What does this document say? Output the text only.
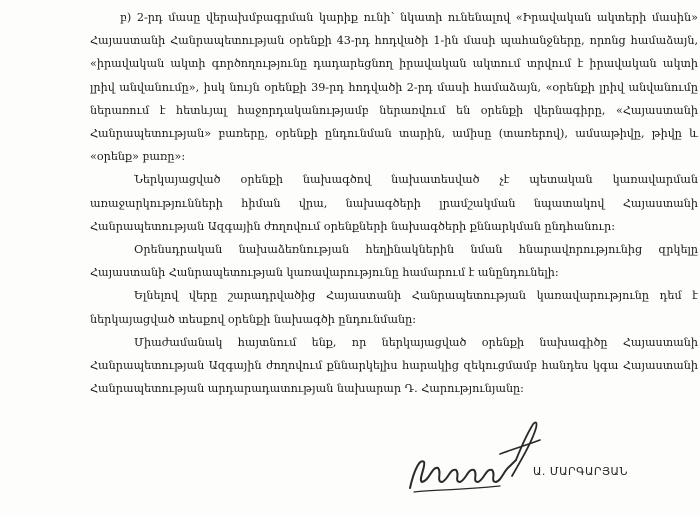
բ) 2-րդ մասը վերախմբագրման կարիք ունի՝ նկատի ունենալով «Իրավական ակտերի մասին» Հայաստանի Հանրապետության օրենքի 43-րդ հոդվածի 1-ին մասի պահանջները, որոնց համաձայն, «իրավական ակտի գործողությունը դադարեցնող իրավական ակտում տրվում է իրավական ակտի լրիվ անվանումը», իսկ նույն օրենքի 39-րդ հոդվածի 2-րդ մասի համաձայն, «օրենքի լրիվ անվանումը ներառում է հետևյալ հաջորդականությամբ ներառվում են օրենքի վերնագիրը, «Հայաստանի Հանրապետության» բառերը, օրենքի ընդունման տարին, ամիսը (տառերով), ամսաթիվը, թիվը և «օրենք» բառը»:

Ներկայացված օրենքի նախագծով նախատեսված չէ պետական կառավարման առաջարկությունների հիման վրա, նախագծերի լրամշակման նպատակով Հայաստանի Հանրապետության Ազգային ժողովում օրենքների նախագծերի քննարկման ընդհանուր:

Օրենսդրական նախաձեռնության հեղինակներին նման հնարավորությունից զրկելը Հայաստանի Հանրապետության կառավարությունը համարում է անընդունելի:

Ելնելով վերը շարադրվածից Հայաստանի Հանրապետության կառավարությունը դեմ է ներկայացված տեսքով օրենքի նախագծի ընդունմանը:

Միաժամանակ հայտնում ենք, որ ներկայացված օրենքի նախագիծը Հայաստանի Հանրապետության Ազգային ժողովում քննարկելիս հարակից զեկուցմամբ հանդես կգա Հայաստանի Հանրապետության արդարադատության նախարար Դ. Հարությունյանը:

Ա. ՄԱՐԳԱՐՅԱՆ
